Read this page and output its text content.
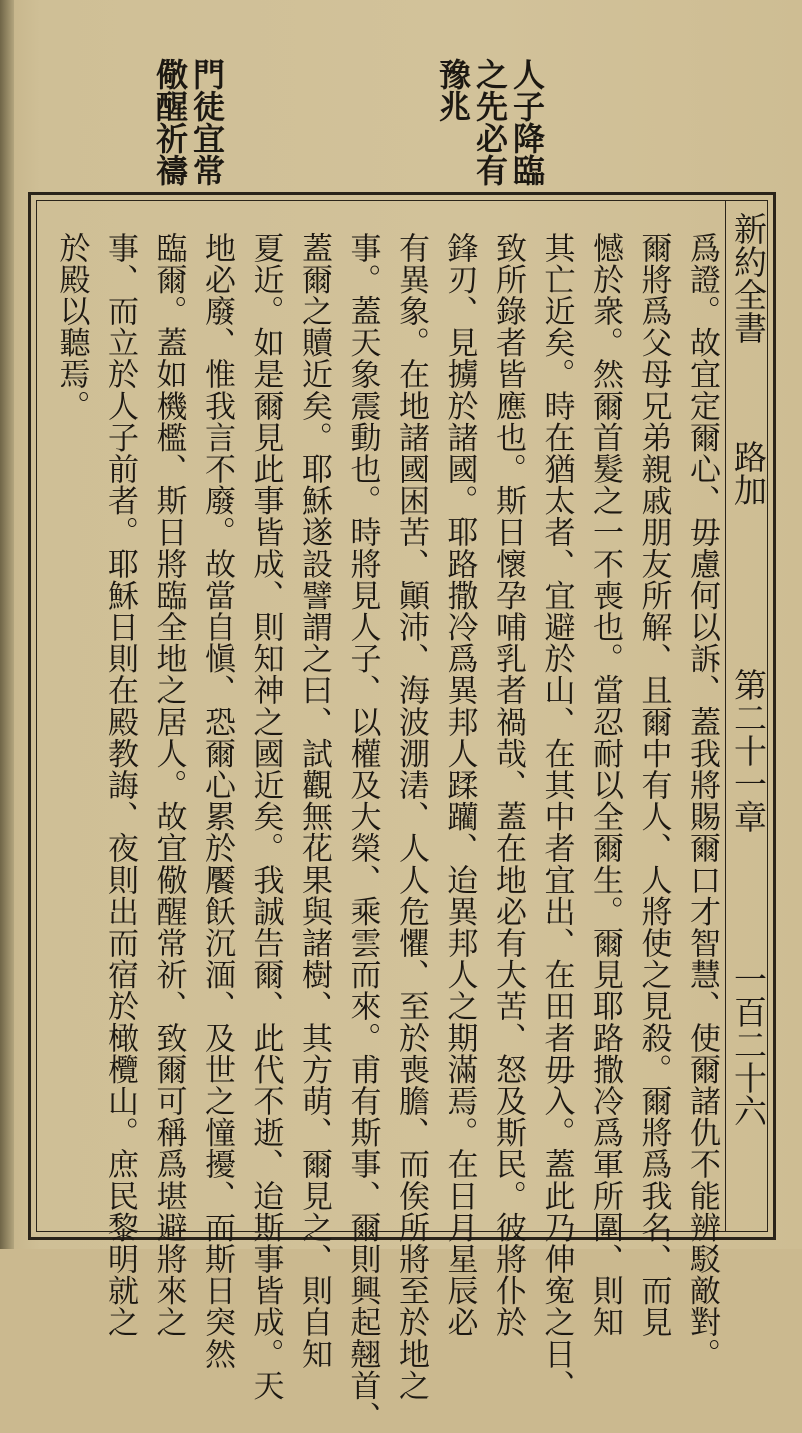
人子降臨
之先必有
豫兆
門徒宜常
儆醒祈禱
新約全書
路加
第二十一章
一百二十六
爲證。故宜定爾心、毋慮何以訴、蓋我將賜爾口才智慧、使爾諸仇不能辨駁敵對。
爾將爲父母兄弟親戚朋友所解、且爾中有人、人將使之見殺。爾將爲我名、而見
憾於衆。然爾首髮之一不喪也。當忍耐以全爾生。爾見耶路撒冷爲軍所圍、則知
其亡近矣。時在猶太者、宜避於山、在其中者宜出、在田者毋入。蓋此乃伸寃之日、
致所錄者皆應也。斯日懷孕哺乳者禍哉、蓋在地必有大苦、怒及斯民。彼將仆於
鋒刃、見擄於諸國。耶路撒冷爲異邦人蹂躪、迨異邦人之期滿焉。在日月星辰必
有異象。在地諸國困苦、顚沛、海波淜湱、人人危懼、至於喪膽、而俟所將至於地之
事。蓋天象震動也。時將見人子、以權及大榮、乘雲而來。甫有斯事、爾則興起翹首、
蓋爾之贖近矣。耶穌遂設譬謂之曰、試觀無花果與諸樹、其方萌、爾見之、則自知
夏近。如是爾見此事皆成、則知神之國近矣。我誠告爾、此代不逝、迨斯事皆成。天
地必廢、惟我言不廢。故當自愼、恐爾心累於饜飫沉湎、及世之憧擾、而斯日突然
臨爾。蓋如機檻、斯日將臨全地之居人。故宜儆醒常祈、致爾可稱爲堪避將來之
事、而立於人子前者。耶穌日則在殿教誨、夜則出而宿於橄欖山。庶民黎明就之
於殿以聽焉。
